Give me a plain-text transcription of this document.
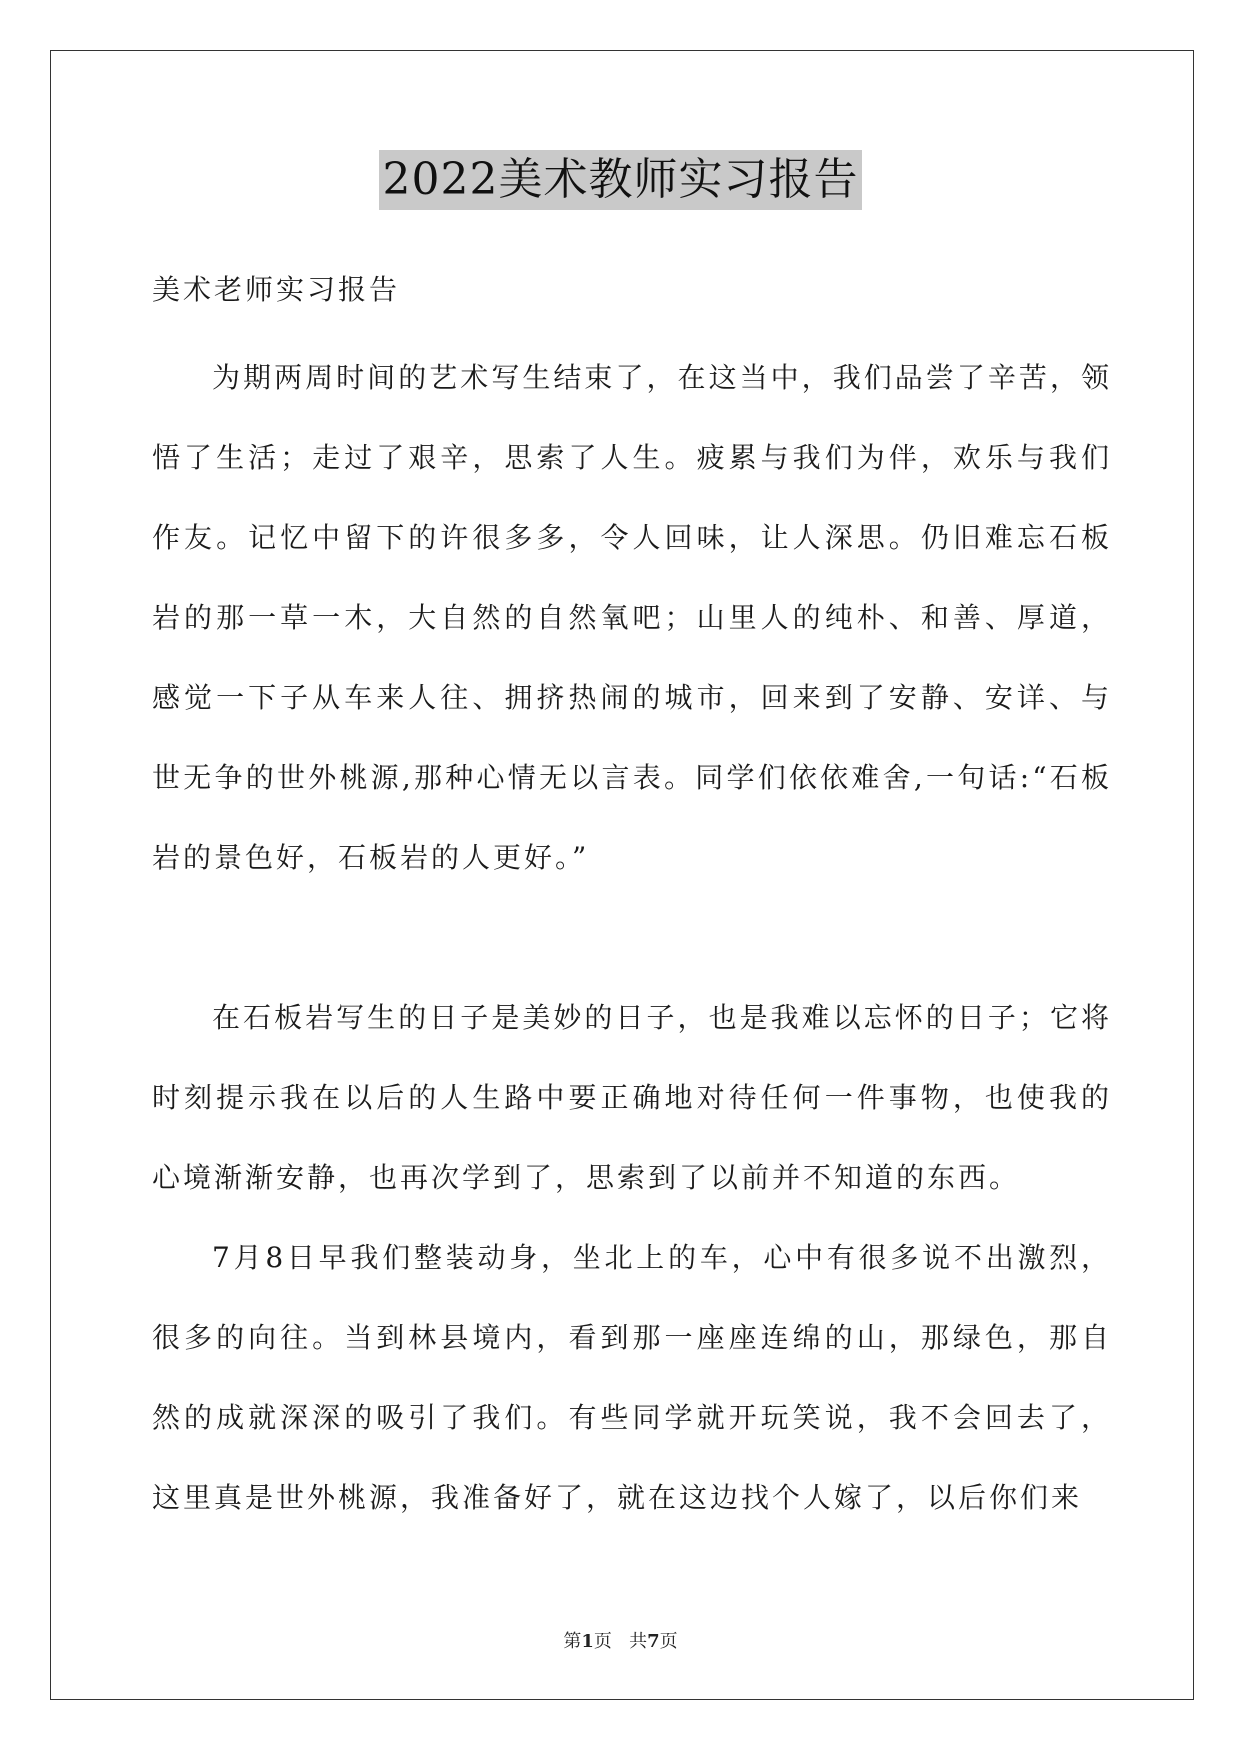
2022美术教师实习报告
美术老师实习报告

为期两周时间的艺术写生结束了，在这当中，我们品尝了辛苦，领悟了生活；走过了艰辛，思索了人生。疲累与我们为伴，欢乐与我们作友。记忆中留下的许很多多，令人回味，让人深思。仍旧难忘石板岩的那一草一木，大自然的自然氧吧；山里人的纯朴、和善、厚道，感觉一下子从车来人往、拥挤热闹的城市，回来到了安静、安详、与世无争的世外桃源,那种心情无以言表。同学们依依难舍,一句话:“石板岩的景色好，石板岩的人更好。”

在石板岩写生的日子是美妙的日子，也是我难以忘怀的日子；它将时刻提示我在以后的人生路中要正确地对待任何一件事物，也使我的心境渐渐安静，也再次学到了，思索到了以前并不知道的东西。

7月8日早我们整装动身，坐北上的车，心中有很多说不出激烈，很多的向往。当到林县境内，看到那一座座连绵的山，那绿色，那自然的成就深深的吸引了我们。有些同学就开玩笑说，我不会回去了，这里真是世外桃源，我准备好了，就在这边找个人嫁了，以后你们来

第1页 共7页
